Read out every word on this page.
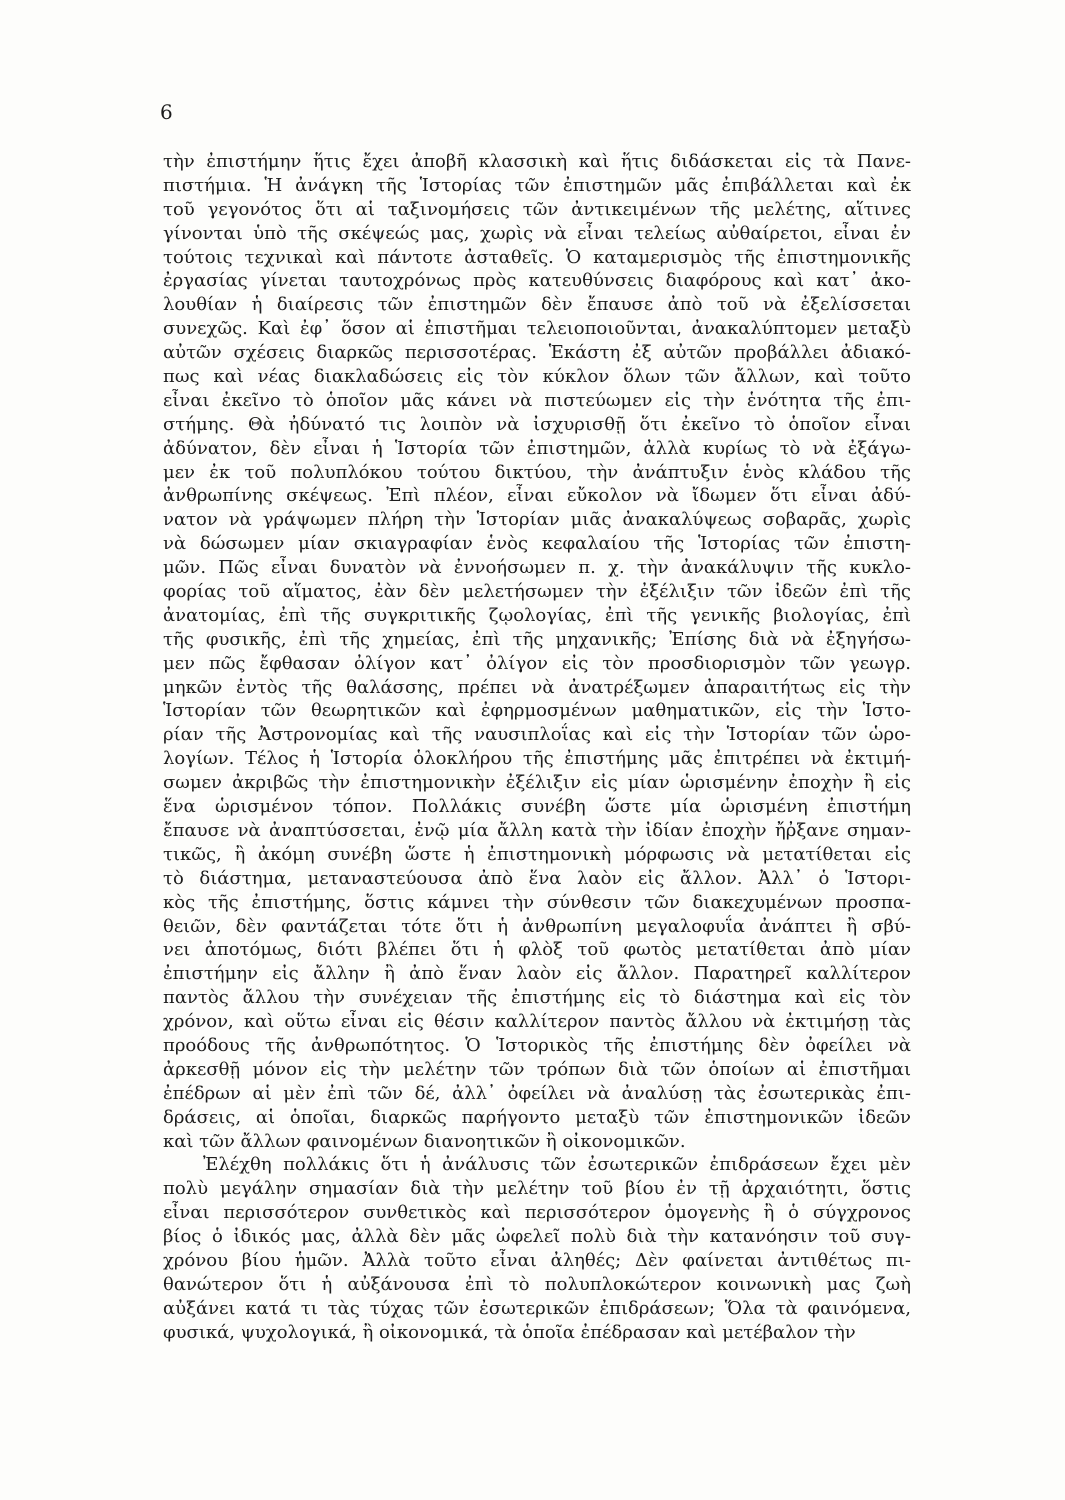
6
τὴν ἐπιστήμην ἥτις ἔχει ἀπoβῆ κλασσικὴ καὶ ἥτις διδάσκεται εἰς τὰ Πανε-
πιστήμια. Ἡ ἀνάγκη τῆς Ἱστορίας τῶν ἐπιστημῶν μᾶς ἐπιβάλλεται καὶ ἐκ
τοῦ γεγονότος ὅτι αἱ ταξινομήσεις τῶν ἀντικειμένων τῆς μελέτης, αἵτινες
γίνονται ὑπὸ τῆς σκέψεώς μας, χωρὶς νὰ εἶναι τελείως αὐθαίρετοι, εἶναι ἐν
τούτοις τεχνικαὶ καὶ πάντοτε ἀσταθεῖς. Ὁ καταμερισμὸς τῆς ἐπιστημονικῆς
ἐργασίας γίνεται ταυτοχρόνως πρὸς κατευθύνσεις διαφόρους καὶ κατ᾽ ἀκο-
λουθίαν ἡ διαίρεσις τῶν ἐπιστημῶν δὲν ἔπαυσε ἀπὸ τοῦ νὰ ἐξελίσσεται
συνεχῶς. Καὶ ἐφ᾽ ὅσον αἱ ἐπιστῆμαι τελειοποιοῦνται, ἀνακαλύπτομεν μεταξὺ
αὐτῶν σχέσεις διαρκῶς περισσοτέρας. Ἑκάστη ἐξ αὐτῶν προβάλλει ἀδιακό-
πως καὶ νέας διακλαδώσεις εἰς τὸν κύκλον ὅλων τῶν ἄλλων, καὶ τοῦτο
εἶναι ἐκεῖνο τὸ ὁποῖον μᾶς κάνει νὰ πιστεύωμεν εἰς τὴν ἑνότητα τῆς ἐπι-
στήμης. Θὰ ἠδύνατό τις λοιπὸν νὰ ἰσχυρισθῇ ὅτι ἐκεῖνο τὸ ὁποῖον εἶναι
ἀδύνατον, δὲν εἶναι ἡ Ἱστορία τῶν ἐπιστημῶν, ἀλλὰ κυρίως τὸ νὰ ἐξάγω-
μεν ἐκ τοῦ πολυπλόκου τούτου δικτύου, τὴν ἀνάπτυξιν ἑνὸς κλάδου τῆς
ἀνθρωπίνης σκέψεως. Ἐπὶ πλέον, εἶναι εὔκολον νὰ ἴδωμεν ὅτι εἶναι ἀδύ-
νατον νὰ γράψωμεν πλήρη τὴν Ἱστορίαν μιᾶς ἀνακαλύψεως σοβαρᾶς, χωρὶς
νὰ δώσωμεν μίαν σκιαγραφίαν ἑνὸς κεφαλαίου τῆς Ἱστορίας τῶν ἐπιστη-
μῶν. Πῶς εἶναι δυνατὸν νὰ ἐννοήσωμεν π. χ. τὴν ἀνακάλυψιν τῆς κυκλο-
φορίας τοῦ αἵματος, ἐὰν δὲν μελετήσωμεν τὴν ἐξέλιξιν τῶν ἰδεῶν ἐπὶ τῆς
ἀνατομίας, ἐπὶ τῆς συγκριτικῆς ζῳολογίας, ἐπὶ τῆς γενικῆς βιολογίας, ἐπὶ
τῆς φυσικῆς, ἐπὶ τῆς χημείας, ἐπὶ τῆς μηχανικῆς; Ἐπίσης διὰ νὰ ἐξηγήσω-
μεν πῶς ἔφθασαν ὀλίγον κατ᾽ ὀλίγον εἰς τὸν προσδιορισμὸν τῶν γεωγρ.
μηκῶν ἐντὸς τῆς θαλάσσης, πρέπει νὰ ἀνατρέξωμεν ἀπαραιτήτως εἰς τὴν
Ἱστορίαν τῶν θεωρητικῶν καὶ ἐφηρμοσμένων μαθηματικῶν, εἰς τὴν Ἱστο-
ρίαν τῆς Ἀστρονομίας καὶ τῆς ναυσιπλοΐας καὶ εἰς τὴν Ἱστορίαν τῶν ὡρο-
λογίων. Τέλος ἡ Ἱστορία ὁλοκλήρου τῆς ἐπιστήμης μᾶς ἐπιτρέπει νὰ ἐκτιμή-
σωμεν ἀκριβῶς τὴν ἐπιστημονικὴν ἐξέλιξιν εἰς μίαν ὡρισμένην ἐποχὴν ἢ εἰς
ἕνα ὡρισμένον τόπον. Πολλάκις συνέβη ὥστε μία ὡρισμένη ἐπιστήμη
ἔπαυσε νὰ ἀναπτύσσεται, ἐνῷ μία ἄλλη κατὰ τὴν ἰδίαν ἐποχὴν ἤῤξανε σημαν-
τικῶς, ἢ ἀκόμη συνέβη ὥστε ἡ ἐπιστημονικὴ μόρφωσις νὰ μετατίθεται εἰς
τὸ διάστημα, μεταναστεύουσα ἀπὸ ἕνα λαὸν εἰς ἄλλον. Ἀλλ᾽ ὁ Ἱστορι-
κὸς τῆς ἐπιστήμης, ὅστις κάμνει τὴν σύνθεσιν τῶν διακεχυμένων προσπα-
θειῶν, δὲν φαντάζεται τότε ὅτι ἡ ἀνθρωπίνη μεγαλοφυΐα ἀνάπτει ἢ σβύ-
νει ἀποτόμως, διότι βλέπει ὅτι ἡ φλὸξ τοῦ φωτὸς μετατίθεται ἀπὸ μίαν
ἐπιστήμην εἰς ἄλλην ἢ ἀπὸ ἕναν λαὸν εἰς ἄλλον. Παρατηρεῖ καλλίτερον
παντὸς ἄλλου τὴν συνέχειαν τῆς ἐπιστήμης εἰς τὸ διάστημα καὶ εἰς τὸν
χρόνον, καὶ οὕτω εἶναι εἰς θέσιν καλλίτερον παντὸς ἄλλου νὰ ἐκτιμήσῃ τὰς
προόδους τῆς ἀνθρωπότητος. Ὁ Ἱστορικὸς τῆς ἐπιστήμης δὲν ὀφείλει νὰ
ἀρκεσθῇ μόνον εἰς τὴν μελέτην τῶν τρόπων διὰ τῶν ὁποίων αἱ ἐπιστῆμαι
ἐπέδρων αἱ μὲν ἐπὶ τῶν δέ, ἀλλ᾽ ὀφείλει νὰ ἀναλύσῃ τὰς ἐσωτερικὰς ἐπι-
δράσεις, αἱ ὁποῖαι, διαρκῶς παρήγοντο μεταξὺ τῶν ἐπιστημονικῶν ἰδεῶν
καὶ τῶν ἄλλων φαινομένων διανοητικῶν ἢ οἰκονομικῶν.
Ἐλέχθη πολλάκις ὅτι ἡ ἀνάλυσις τῶν ἐσωτερικῶν ἐπιδράσεων ἔχει μὲν
πολὺ μεγάλην σημασίαν διὰ τὴν μελέτην τοῦ βίου ἐν τῇ ἀρχαιότητι, ὅστις
εἶναι περισσότερον συνθετικὸς καὶ περισσότερον ὁμογενὴς ἢ ὁ σύγχρονος
βίος ὁ ἰδικός μας, ἀλλὰ δὲν μᾶς ὠφελεῖ πολὺ διὰ τὴν κατανόησιν τοῦ συγ-
χρόνου βίου ἡμῶν. Ἀλλὰ τοῦτο εἶναι ἀληθές; Δὲν φαίνεται ἀντιθέτως πι-
θανώτερον ὅτι ἡ αὐξάνουσα ἐπὶ τὸ πολυπλοκώτερον κοινωνικὴ μας ζωὴ
αὐξάνει κατά τι τὰς τύχας τῶν ἐσωτερικῶν ἐπιδράσεων; Ὅλα τὰ φαινόμενα,
φυσικά, ψυχολογικά, ἢ οἰκονομικά, τὰ ὁποῖα ἐπέδρασαν καὶ μετέβαλον τὴν
